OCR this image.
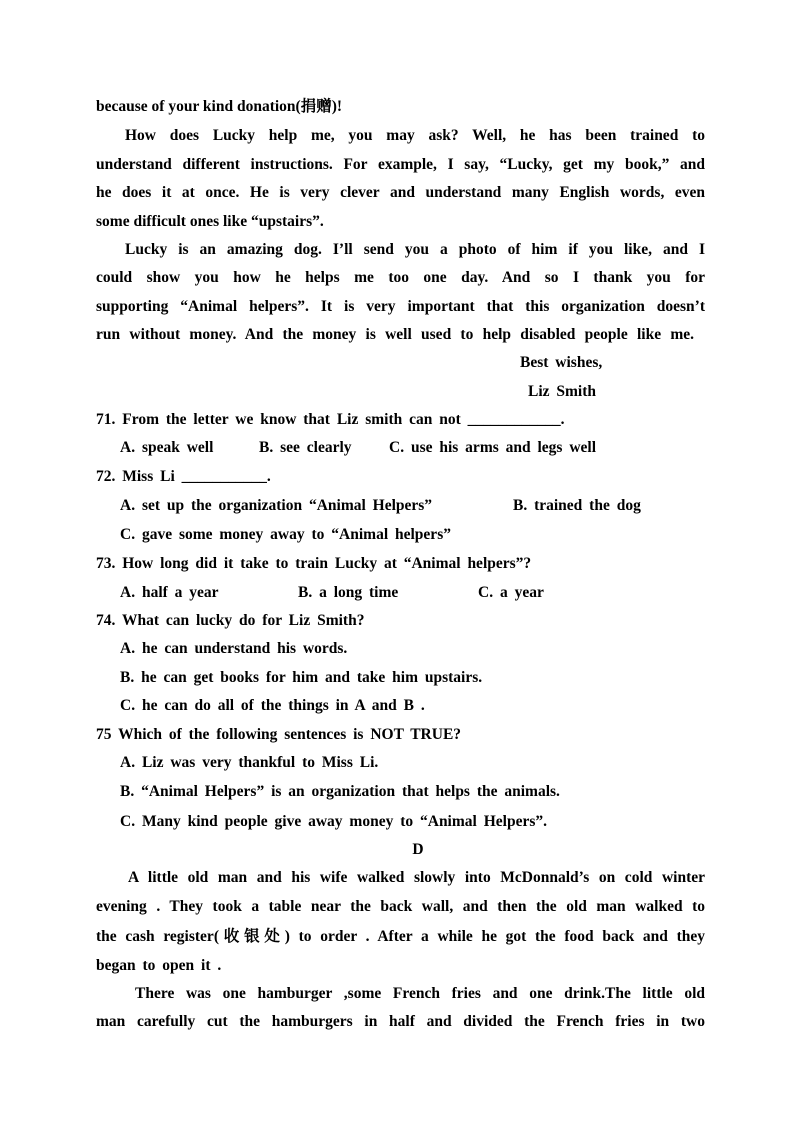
because of your kind donation(捐赠)!
How does Lucky help me, you may ask? Well, he has been trained to
understand different instructions. For example, I say, “Lucky, get my book,” and
he does it at once. He is very clever and understand many English words, even
some difficult ones like “upstairs”.
Lucky is an amazing dog. I’ll send you a photo of him if you like, and I
could show you how he helps me too one day. And so I thank you for
supporting “Animal helpers”. It is very important that this organization doesn’t
run without money. And the money is well used to help disabled people like me.
Best wishes,
Liz Smith
71. From the letter we know that Liz smith can not ____________.
A. speak well	B. see clearly C. use his arms and legs well
72. Miss Li ___________.
A. set up the organization “Animal Helpers”	B. trained the dog
C. gave some money away to “Animal helpers”
73. How long did it take to train Lucky at “Animal helpers”?
A. half a year	B. a long time	C. a year
74. What can lucky do for Liz Smith?
A. he can understand his words.
B. he can get books for him and take him upstairs.
C. he can do all of the things in A and B .
75 Which of the following sentences is NOT TRUE?
A. Liz was very thankful to Miss Li.
B. “Animal Helpers” is an organization that helps the animals.
C. Many kind people give away money to “Animal Helpers”.
D
A little old man and his wife walked slowly into McDonnald’s on cold winter
evening . They took a table near the back wall, and then the old man walked to
the cash register(收银处) to order . After a while he got the food back and they
began to open it .
There was one hamburger ,some French fries and one drink.The little old
man carefully cut the hamburgers in half and divided the French fries in two
